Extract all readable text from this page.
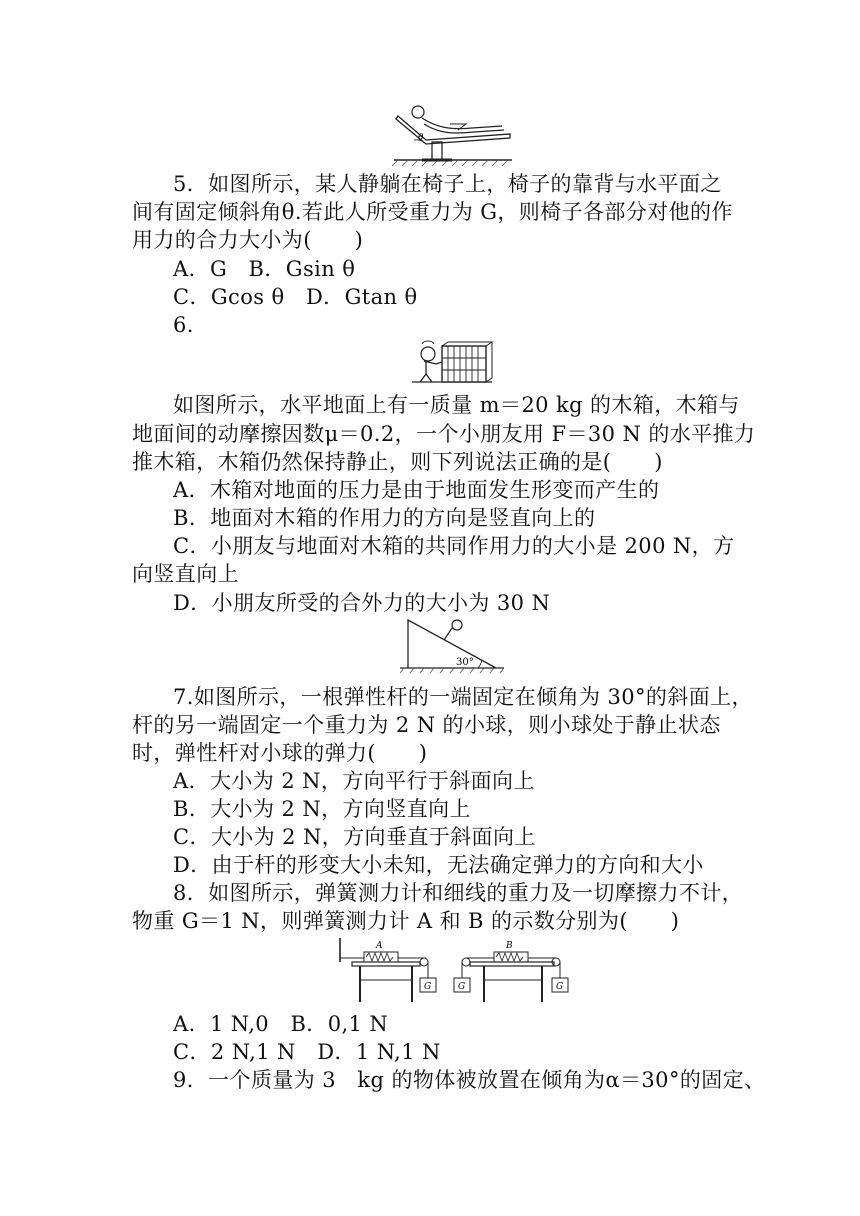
θ
5．如图所示，某人静躺在椅子上，椅子的靠背与水平面之
间有固定倾斜角θ.若此人所受重力为 G，则椅子各部分对他的作
用力的合力大小为(　　)
A．G　B．Gsin θ
C．Gcos θ　D．Gtan θ
6.
如图所示，水平地面上有一质量 m＝20 kg 的木箱，木箱与
地面间的动摩擦因数μ＝0.2，一个小朋友用 F＝30 N 的水平推力
推木箱，木箱仍然保持静止，则下列说法正确的是(　　)
A．木箱对地面的压力是由于地面发生形变而产生的
B．地面对木箱的作用力的方向是竖直向上的
C．小朋友与地面对木箱的共同作用力的大小是 200 N，方
向竖直向上
D．小朋友所受的合外力的大小为 30 N
30°
7.如图所示，一根弹性杆的一端固定在倾角为 30°的斜面上，
杆的另一端固定一个重力为 2 N 的小球，则小球处于静止状态
时，弹性杆对小球的弹力(　　)
A．大小为 2 N，方向平行于斜面向上
B．大小为 2 N，方向竖直向上
C．大小为 2 N，方向垂直于斜面向上
D．由于杆的形变大小未知，无法确定弹力的方向和大小
8．如图所示，弹簧测力计和细线的重力及一切摩擦力不计，
物重 G＝1 N，则弹簧测力计 A 和 B 的示数分别为(　　)
A
G	G
B
G
A．1 N,0　B．0,1 N
C．2 N,1 N　D．1 N,1 N
9．一个质量为 3　kg 的物体被放置在倾角为α＝30°的固定、
